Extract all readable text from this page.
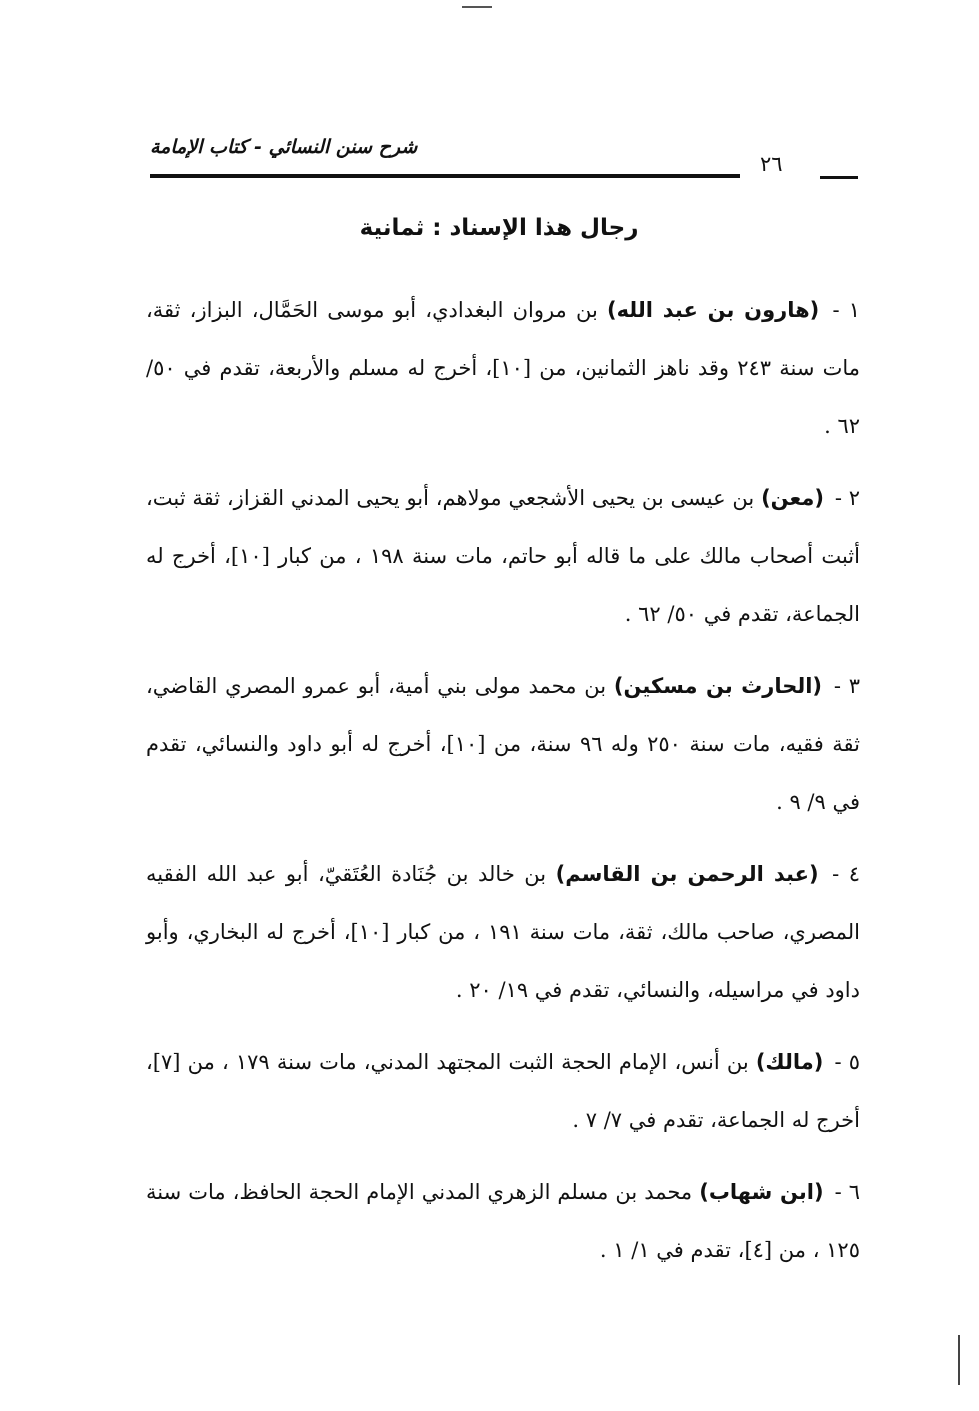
شرح سنن النسائي - كتاب الإمامة
٢٦
رجال هذا الإسناد : ثمانية

١ - (هارون بن عبد الله) بن مروان البغدادي، أبو موسى الحَمَّال، البزاز، ثقة، مات سنة ٢٤٣ وقد ناهز الثمانين، من [١٠]، أخرج له مسلم والأربعة، تقدم في ٥٠/ ٦٢ .

٢ - (معن) بن عيسى بن يحيى الأشجعي مولاهم، أبو يحيى المدني القزاز، ثقة ثبت، أثبت أصحاب مالك على ما قاله أبو حاتم، مات سنة ١٩٨ ، من كبار [١٠]، أخرج له الجماعة، تقدم في ٥٠/ ٦٢ .

٣ - (الحارث بن مسكين) بن محمد مولى بني أمية، أبو عمرو المصري القاضي، ثقة فقيه، مات سنة ٢٥٠ وله ٩٦ سنة، من [١٠]، أخرج له أبو داود والنسائي، تقدم في ٩/ ٩ .

٤ - (عبد الرحمن بن القاسم) بن خالد بن جُنَادة العُتَقيّ، أبو عبد الله الفقيه المصري، صاحب مالك، ثقة، مات سنة ١٩١ ، من كبار [١٠]، أخرج له البخاري، وأبو داود في مراسيله، والنسائي، تقدم في ١٩/ ٢٠ .

٥ - (مالك) بن أنس، الإمام الحجة الثبت المجتهد المدني، مات سنة ١٧٩ ، من [٧]، أخرج له الجماعة، تقدم في ٧/ ٧ .

٦ - (ابن شهاب) محمد بن مسلم الزهري المدني الإمام الحجة الحافظ، مات سنة ١٢٥ ، من [٤]، تقدم في ١/ ١ .
